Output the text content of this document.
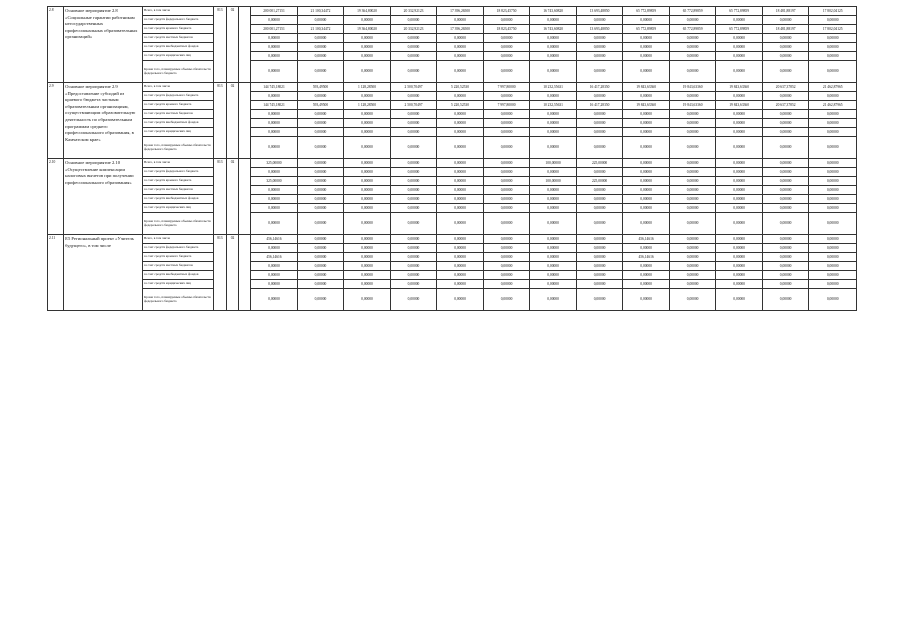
2.8	Основное мероприятие 2.8 «Социальные гарантии работникам негосударственных профессиональных образовательных организаций»	Всего, в том числе	813	02		200 001,27151	21 100,34472	19 364,80020	20 332,92123	17 396,26500	18 823,45750	16 743,60820	13 693,48850	65 772,89859	65 772,89859	65 772,89859	18 481,88197	17 802,04125
		за счет средств федерального бюджета				0,00000	0,00000	0,00000	0,00000	0,00000	0,00000	0,00000	0,00000	0,00000	0,00000	0,00000	0,00000	0,00000
		за счет средств краевого бюджета				200 001,27151	21 100,34472	19 364,80020	20 332,92123	17 396,26500	18 823,45750	16 743,60820	13 693,48850	65 772,89859	65 772,89859	65 772,89859	18 481,88197	17 802,04125
		за счет средств местных бюджетов				0,00000	0,00000	0,00000	0,00000	0,00000	0,00000	0,00000	0,00000	0,00000	0,00000	0,00000	0,00000	0,00000
		за счет средств внебюджетных фондов				0,00000	0,00000	0,00000	0,00000	0,00000	0,00000	0,00000	0,00000	0,00000	0,00000	0,00000	0,00000	0,00000
		за счет средств юридических лиц				0,00000	0,00000	0,00000	0,00000	0,00000	0,00000	0,00000	0,00000	0,00000	0,00000	0,00000	0,00000	0,00000
		Кроме того, планируемые объемы обязательств федерального бюджета				0,00000	0,00000	0,00000	0,00000	0,00000	0,00000	0,00000	0,00000	0,00000	0,00000	0,00000	0,00000	0,00000
2.9	Основное мероприятие 2.9 «Предоставление субсидий из краевого бюджета частным образовательным организациям, осуществляющим образовательную деятельность по образовательным программам среднего профессионального образования, в Камчатском крае»	Всего, в том числе	813	02		144 745,18021	593,49500	1 128,28500	2 500,70497	5 220,52530	7 997,80000	10 232,55631	16 417,28350	19 843,63360	19 843,63360	19 843,63360	20 637,37852	21 462,87965
		за счет средств федерального бюджета				0,00000	0,00000	0,00000	0,00000	0,00000	0,00000	0,00000	0,00000	0,00000	0,00000	0,00000	0,00000	0,00000
		за счет средств краевого бюджета				144 745,18021	593,49500	1 128,28500	2 500,70497	5 220,52530	7 997,80000	10 232,55631	16 417,28350	19 843,63360	19 843,63360	19 843,63360	20 637,37852	21 462,87965
		за счет средств местных бюджетов				0,00000	0,00000	0,00000	0,00000	0,00000	0,00000	0,00000	0,00000	0,00000	0,00000	0,00000	0,00000	0,00000
		за счет средств внебюджетных фондов				0,00000	0,00000	0,00000	0,00000	0,00000	0,00000	0,00000	0,00000	0,00000	0,00000	0,00000	0,00000	0,00000
		за счет средств юридических лиц				0,00000	0,00000	0,00000	0,00000	0,00000	0,00000	0,00000	0,00000	0,00000	0,00000	0,00000	0,00000	0,00000
		Кроме того, планируемые объемы обязательств федерального бюджета				0,00000	0,00000	0,00000	0,00000	0,00000	0,00000	0,00000	0,00000	0,00000	0,00000	0,00000	0,00000	0,00000
2.10	Основное мероприятие 2.10 «Осуществление компенсации налоговых вычетов при получении профессионального образования»	Всего, в том числе	813	02		325,00000	0,00000	0,00000	0,00000	0,00000	0,00000	100,00000	225,00000	0,00000	0,00000	0,00000	0,00000	0,00000
		за счет средств федерального бюджета				0,00000	0,00000	0,00000	0,00000	0,00000	0,00000	0,00000	0,00000	0,00000	0,00000	0,00000	0,00000	0,00000
		за счет средств краевого бюджета				325,00000	0,00000	0,00000	0,00000	0,00000	0,00000	100,00000	225,00000	0,00000	0,00000	0,00000	0,00000	0,00000
		за счет средств местных бюджетов				0,00000	0,00000	0,00000	0,00000	0,00000	0,00000	0,00000	0,00000	0,00000	0,00000	0,00000	0,00000	0,00000
		за счет средств внебюджетных фондов				0,00000	0,00000	0,00000	0,00000	0,00000	0,00000	0,00000	0,00000	0,00000	0,00000	0,00000	0,00000	0,00000
		за счет средств юридических лиц				0,00000	0,00000	0,00000	0,00000	0,00000	0,00000	0,00000	0,00000	0,00000	0,00000	0,00000	0,00000	0,00000
		Кроме того, планируемые объемы обязательств федерального бюджета				0,00000	0,00000	0,00000	0,00000	0,00000	0,00000	0,00000	0,00000	0,00000	0,00000	0,00000	0,00000	0,00000
2.11	E5 Региональный проект «Учитель будущего», в том числе	Всего, в том числе	813	02		456,14616	0,00000	0,00000	0,00000	0,00000	0,00000	0,00000	0,00000	456,14616	0,00000	0,00000	0,00000	0,00000
		за счет средств федерального бюджета				0,00000	0,00000	0,00000	0,00000	0,00000	0,00000	0,00000	0,00000	0,00000	0,00000	0,00000	0,00000	0,00000
		за счет средств краевого бюджета				456,14616	0,00000	0,00000	0,00000	0,00000	0,00000	0,00000	0,00000	456,14616	0,00000	0,00000	0,00000	0,00000
		за счет средств местных бюджетов				0,00000	0,00000	0,00000	0,00000	0,00000	0,00000	0,00000	0,00000	0,00000	0,00000	0,00000	0,00000	0,00000
		за счет средств внебюджетных фондов				0,00000	0,00000	0,00000	0,00000	0,00000	0,00000	0,00000	0,00000	0,00000	0,00000	0,00000	0,00000	0,00000
		за счет средств юридических лиц				0,00000	0,00000	0,00000	0,00000	0,00000	0,00000	0,00000	0,00000	0,00000	0,00000	0,00000	0,00000	0,00000
		Кроме того, планируемые объемы обязательств федерального бюджета				0,00000	0,00000	0,00000	0,00000	0,00000	0,00000	0,00000	0,00000	0,00000	0,00000	0,00000	0,00000	0,00000
